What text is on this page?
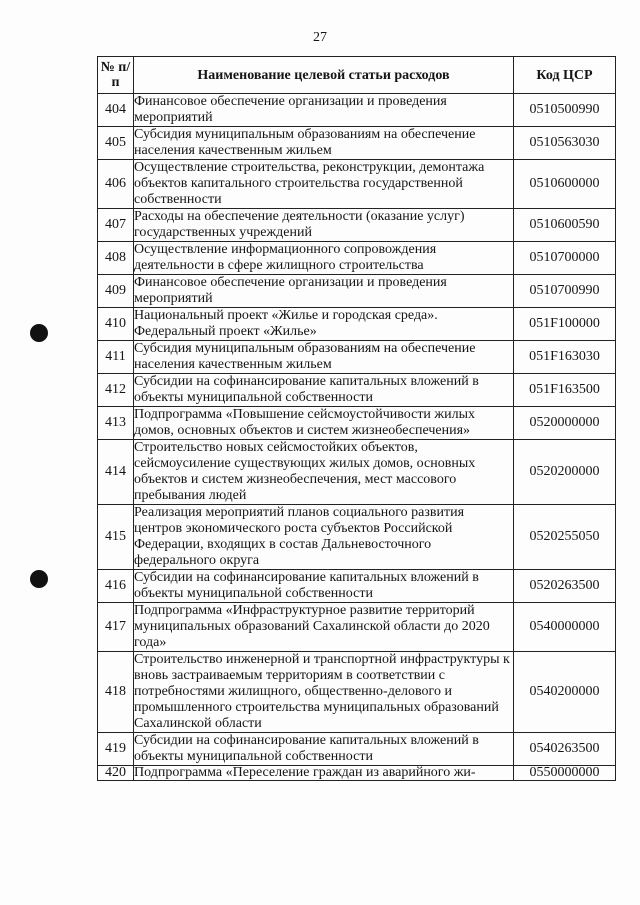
27
№ п/п	Наименование целевой статьи расходов	Код ЦСР
404	Финансовое обеспечение организации и проведения мероприятий	0510500990
405	Субсидия муниципальным образованиям на обеспечение населения качественным жильем	0510563030
406	Осуществление строительства, реконструкции, демонтажа объектов капитального строительства государственной собственности	0510600000
407	Расходы на обеспечение деятельности (оказание услуг) государственных учреждений	0510600590
408	Осуществление информационного сопровождения деятельности в сфере жилищного строительства	0510700000
409	Финансовое обеспечение организации и проведения мероприятий	0510700990
410	Национальный проект «Жилье и городская среда». Федеральный проект «Жилье»	051F100000
411	Субсидия муниципальным образованиям на обеспечение населения качественным жильем	051F163030
412	Субсидии на софинансирование капитальных вложений в объекты муниципальной собственности	051F163500
413	Подпрограмма «Повышение сейсмоустойчивости жилых домов, основных объектов и систем жизнеобеспечения»	0520000000
414	Строительство новых сейсмостойких объектов, сейсмоусиление существующих жилых домов, основных объектов и систем жизнеобеспечения, мест массового пребывания людей	0520200000
415	Реализация мероприятий планов социального развития центров экономического роста субъектов Российской Федерации, входящих в состав Дальневосточного федерального округа	0520255050
416	Субсидии на софинансирование капитальных вложений в объекты муниципальной собственности	0520263500
417	Подпрограмма «Инфраструктурное развитие территорий муниципальных образований Сахалинской области до 2020 года»	0540000000
418	Строительство инженерной и транспортной инфраструктуры к вновь застраиваемым территориям в соответствии с потребностями жилищного, общественно-делового и промышленного строительства муниципальных образований Сахалинской области	0540200000
419	Субсидии на софинансирование капитальных вложений в объекты муниципальной собственности	0540263500
420	Подпрограмма «Переселение граждан из аварийного жи-	0550000000
